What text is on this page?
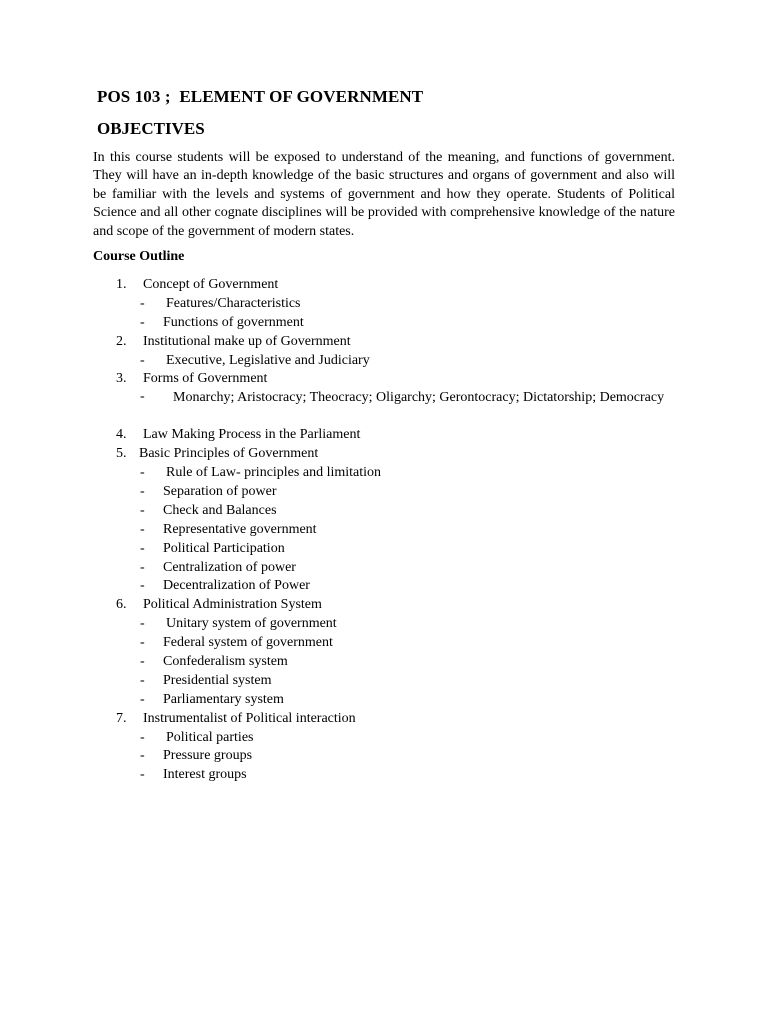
POS 103 ;  ELEMENT OF GOVERNMENT
OBJECTIVES

In this course students will be exposed to understand of the meaning, and functions of government. They will have an in-depth knowledge of the basic structures and organs of government and also will be familiar with the levels and systems of government and how they operate. Students of Political Science and all other cognate disciplines will be provided with comprehensive knowledge of the nature and scope of the government of modern states.

Course Outline
1. Concept of Government
- Features/Characteristics
- Functions of government
2. Institutional make up of Government
- Executive, Legislative and Judiciary
3. Forms of Government
-	Monarchy; Aristocracy; Theocracy; Oligarchy; Gerontocracy; Dictatorship; Democracy
4. Law Making Process in the Parliament
5. Basic Principles of Government
- Rule of Law- principles and limitation
- Separation of power
- Check and Balances
- Representative government
- Political Participation
- Centralization of power
- Decentralization of Power
6. Political Administration System
- Unitary system of government
- Federal system of government
- Confederalism system
- Presidential system
- Parliamentary system
7. Instrumentalist of Political interaction
- Political parties
- Pressure groups
- Interest groups
